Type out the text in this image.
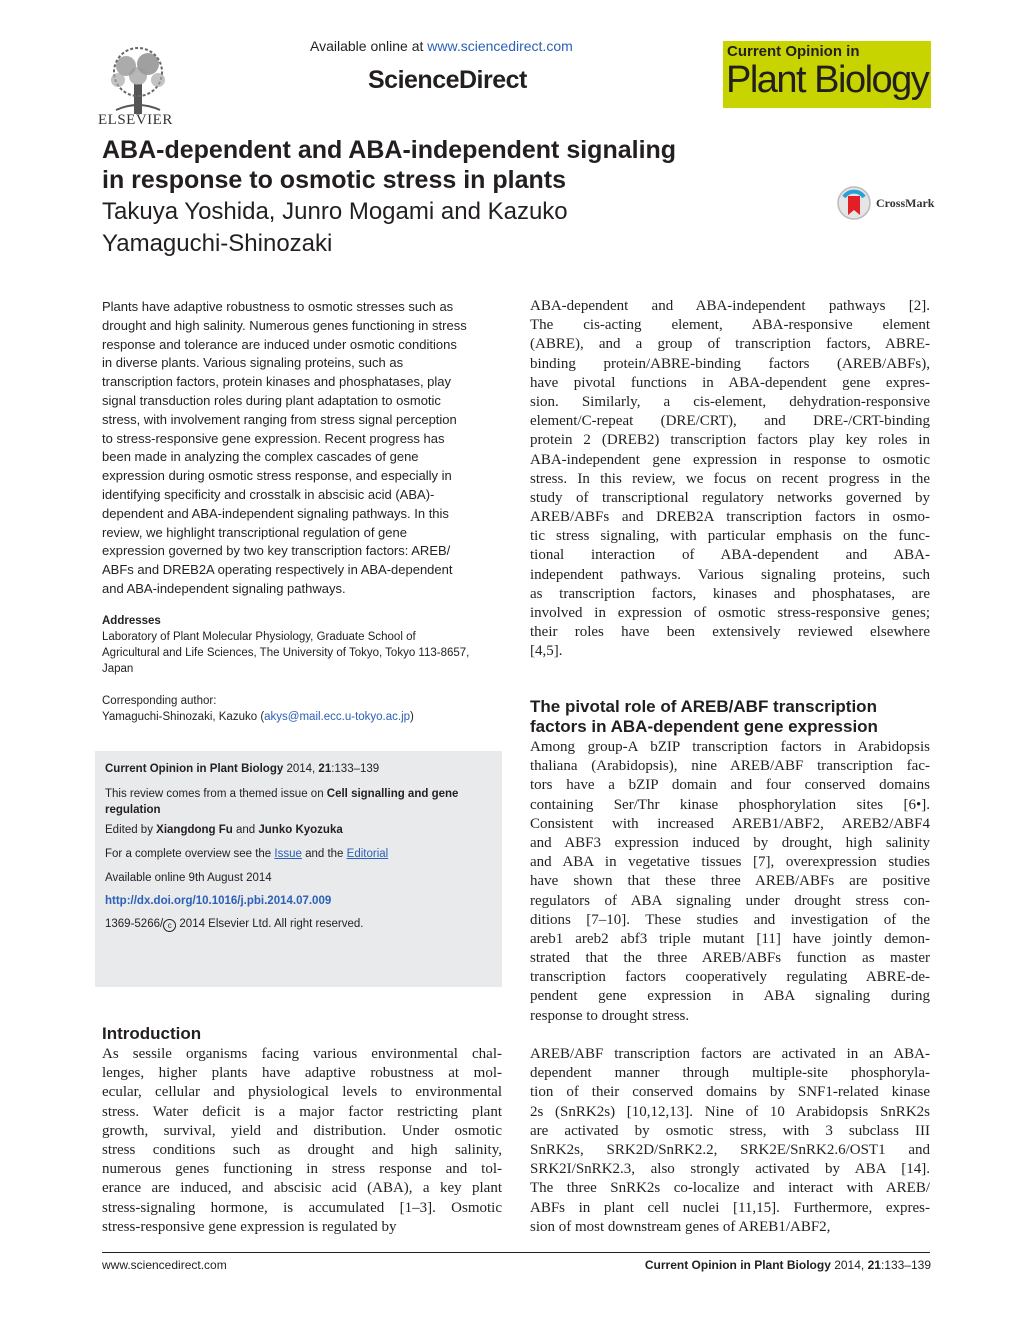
ELSEVIER
Available online at www.sciencedirect.com
ScienceDirect
Current Opinion in
Plant Biology
ABA-dependent and ABA-independent signaling
in response to osmotic stress in plants
Takuya Yoshida, Junro Mogami and Kazuko
Yamaguchi-Shinozaki
CrossMark
Plants have adaptive robustness to osmotic stresses such as
drought and high salinity. Numerous genes functioning in stress
response and tolerance are induced under osmotic conditions
in diverse plants. Various signaling proteins, such as
transcription factors, protein kinases and phosphatases, play
signal transduction roles during plant adaptation to osmotic
stress, with involvement ranging from stress signal perception
to stress-responsive gene expression. Recent progress has
been made in analyzing the complex cascades of gene
expression during osmotic stress response, and especially in
identifying specificity and crosstalk in abscisic acid (ABA)-
dependent and ABA-independent signaling pathways. In this
review, we highlight transcriptional regulation of gene
expression governed by two key transcription factors: AREB/
ABFs and DREB2A operating respectively in ABA-dependent
and ABA-independent signaling pathways.
Addresses
Laboratory of Plant Molecular Physiology, Graduate School of
Agricultural and Life Sciences, The University of Tokyo, Tokyo 113-8657,
Japan
Corresponding author:
Yamaguchi-Shinozaki, Kazuko (akys@mail.ecc.u-tokyo.ac.jp)
Current Opinion in Plant Biology 2014, 21:133–139
This review comes from a themed issue on Cell signalling and gene
regulation
Edited by Xiangdong Fu and Junko Kyozuka
For a complete overview see the Issue and the Editorial
Available online 9th August 2014
http://dx.doi.org/10.1016/j.pbi.2014.07.009
1369-5266/ c 2014 Elsevier Ltd. All right reserved.
Introduction
As sessile organisms facing various environmental chal-
lenges, higher plants have adaptive robustness at mol-
ecular, cellular and physiological levels to environmental
stress. Water deficit is a major factor restricting plant
growth, survival, yield and distribution. Under osmotic
stress conditions such as drought and high salinity,
numerous genes functioning in stress response and tol-
erance are induced, and abscisic acid (ABA), a key plant
stress-signaling hormone, is accumulated [1–3]. Osmotic
stress-responsive gene expression is regulated by
ABA-dependent and ABA-independent pathways [2].
The cis-acting element, ABA-responsive element
(ABRE), and a group of transcription factors, ABRE-
binding protein/ABRE-binding factors (AREB/ABFs),
have pivotal functions in ABA-dependent gene expres-
sion. Similarly, a cis-element, dehydration-responsive
element/C-repeat (DRE/CRT), and DRE-/CRT-binding
protein 2 (DREB2) transcription factors play key roles in
ABA-independent gene expression in response to osmotic
stress. In this review, we focus on recent progress in the
study of transcriptional regulatory networks governed by
AREB/ABFs and DREB2A transcription factors in osmo-
tic stress signaling, with particular emphasis on the func-
tional interaction of ABA-dependent and ABA-
independent pathways. Various signaling proteins, such
as transcription factors, kinases and phosphatases, are
involved in expression of osmotic stress-responsive genes;
their roles have been extensively reviewed elsewhere
[4,5].
The pivotal role of AREB/ABF transcription
factors in ABA-dependent gene expression
Among group-A bZIP transcription factors in Arabidopsis
thaliana (Arabidopsis), nine AREB/ABF transcription fac-
tors have a bZIP domain and four conserved domains
containing Ser/Thr kinase phosphorylation sites [6•].
Consistent with increased AREB1/ABF2, AREB2/ABF4
and ABF3 expression induced by drought, high salinity
and ABA in vegetative tissues [7], overexpression studies
have shown that these three AREB/ABFs are positive
regulators of ABA signaling under drought stress con-
ditions [7–10]. These studies and investigation of the
areb1 areb2 abf3 triple mutant [11] have jointly demon-
strated that the three AREB/ABFs function as master
transcription factors cooperatively regulating ABRE-de-
pendent gene expression in ABA signaling during
response to drought stress.
AREB/ABF transcription factors are activated in an ABA-
dependent manner through multiple-site phosphoryla-
tion of their conserved domains by SNF1-related kinase
2s (SnRK2s) [10,12,13]. Nine of 10 Arabidopsis SnRK2s
are activated by osmotic stress, with 3 subclass III
SnRK2s, SRK2D/SnRK2.2, SRK2E/SnRK2.6/OST1 and
SRK2I/SnRK2.3, also strongly activated by ABA [14].
The three SnRK2s co-localize and interact with AREB/
ABFs in plant cell nuclei [11,15]. Furthermore, expres-
sion of most downstream genes of AREB1/ABF2,
www.sciencedirect.com	Current Opinion in Plant Biology 2014, 21:133–139
